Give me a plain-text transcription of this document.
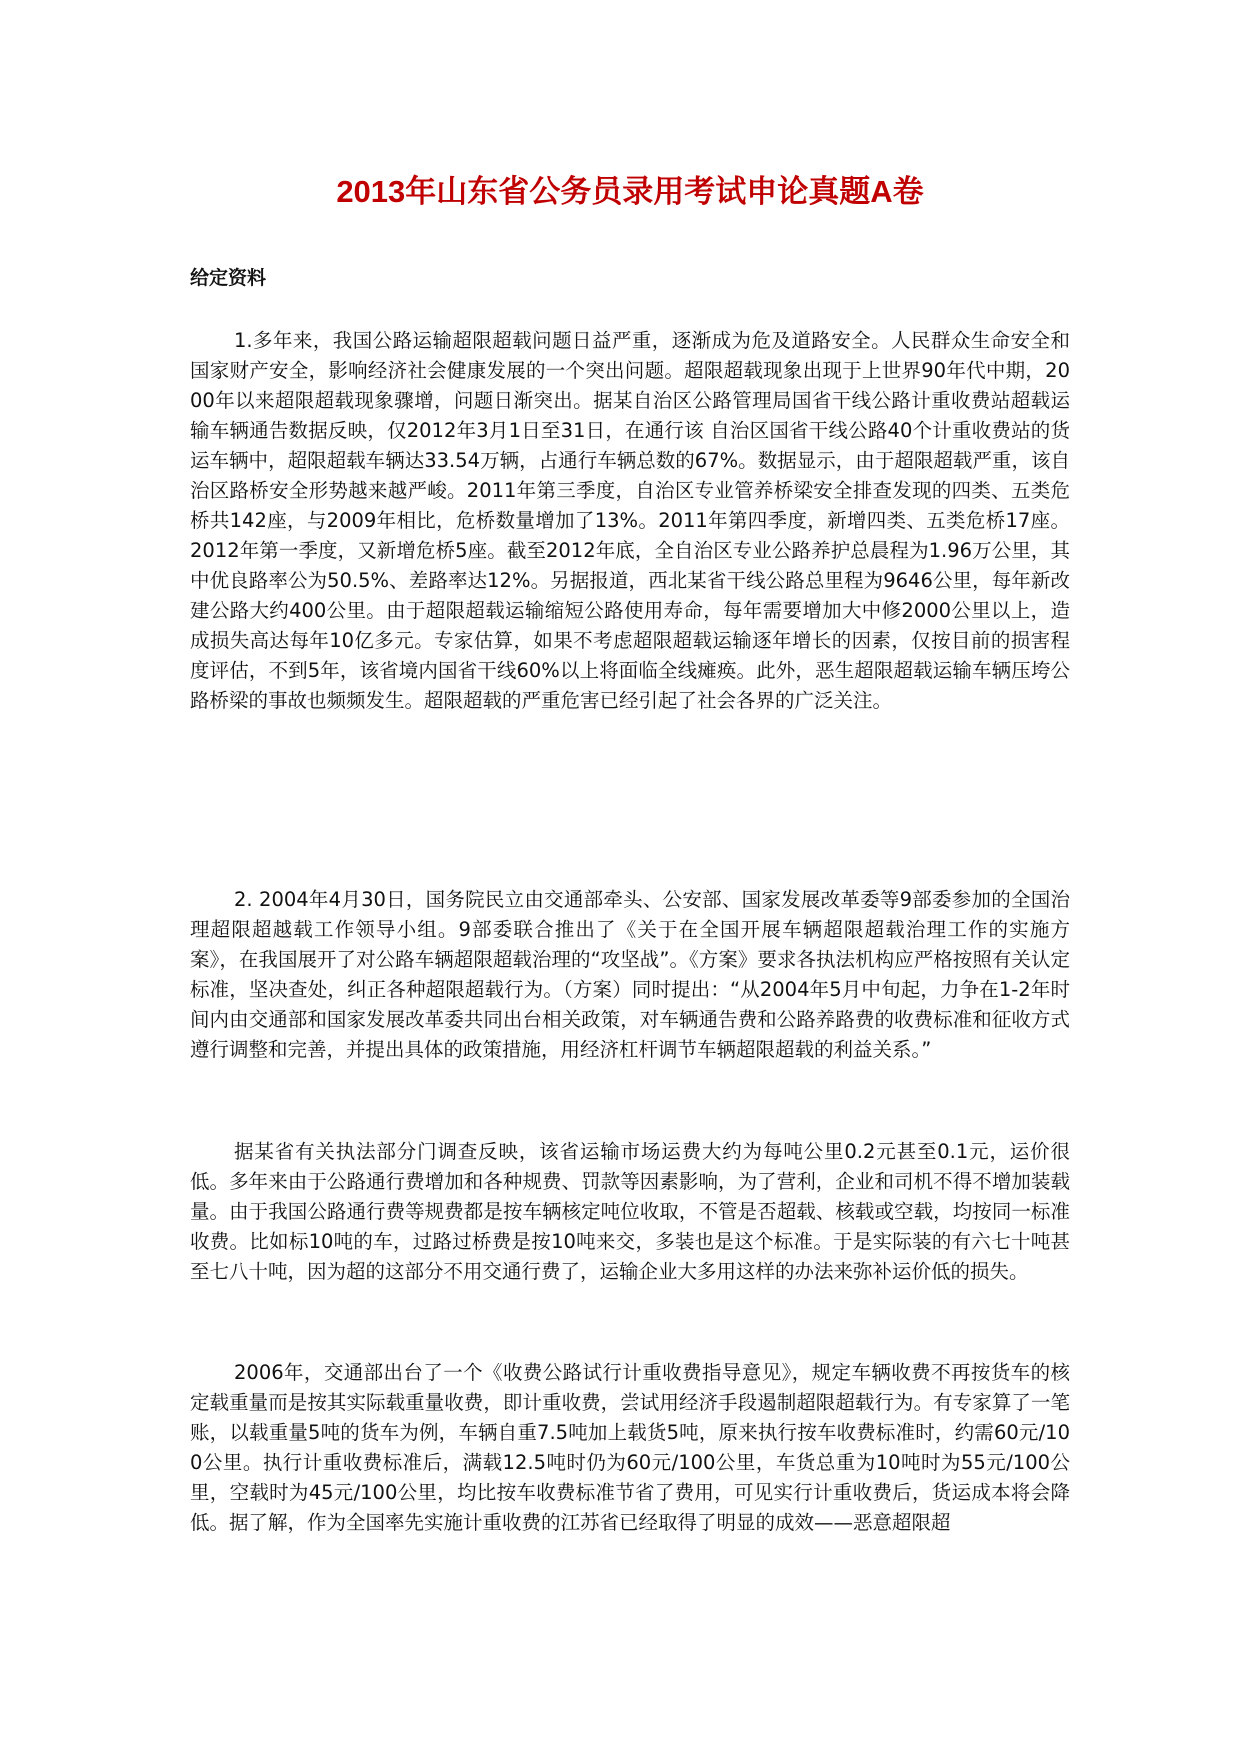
2013年山东省公务员录用考试申论真题A卷

给定资料

1.多年来，我国公路运输超限超载问题日益严重，逐渐成为危及道路安全。人民群众生命安全和国家财产安全，影响经济社会健康发展的一个突出问题。超限超载现象出现于上世界90年代中期，2000年以来超限超载现象骤增，问题日渐突出。据某自治区公路管理局国省干线公路计重收费站超载运输车辆通告数据反映，仅2012年3月1日至31日，在通行该 自治区国省干线公路40个计重收费站的货运车辆中，超限超载车辆达33.54万辆，占通行车辆总数的67%。数据显示，由于超限超载严重，该自治区路桥安全形势越来越严峻。2011年第三季度，自治区专业管养桥梁安全排查发现的四类、五类危桥共142座，与2009年相比，危桥数量增加了13%。2011年第四季度，新增四类、五类危桥17座。2012年第一季度，又新增危桥5座。截至2012年底，全自治区专业公路养护总晨程为1.96万公里，其中优良路率公为50.5%、差路率达12%。另据报道，西北某省干线公路总里程为9646公里，每年新改建公路大约400公里。由于超限超载运输缩短公路使用寿命，每年需要增加大中修2000公里以上，造成损失高达每年10亿多元。专家估算，如果不考虑超限超载运输逐年增长的因素，仅按目前的损害程度评估，不到5年，该省境内国省干线60%以上将面临全线瘫痪。此外，恶生超限超载运输车辆压垮公路桥梁的事故也频频发生。超限超载的严重危害已经引起了社会各界的广泛关注。

2. 2004年4月30日，国务院民立由交通部牵头、公安部、国家发展改革委等9部委参加的全国治理超限超越载工作领导小组。9部委联合推出了《关于在全国开展车辆超限超载治理工作的实施方案》，在我国展开了对公路车辆超限超载治理的“攻坚战”。《方案》要求各执法机构应严格按照有关认定标准，坚决查处，纠正各种超限超载行为。（方案）同时提出：“从2004年5月中旬起，力争在1-2年时间内由交通部和国家发展改革委共同出台相关政策，对车辆通告费和公路养路费的收费标准和征收方式遵行调整和完善，并提出具体的政策措施，用经济杠杆调节车辆超限超载的利益关系。”

据某省有关执法部分门调查反映，该省运输市场运费大约为每吨公里0.2元甚至0.1元，运价很低。多年来由于公路通行费增加和各种规费、罚款等因素影响，为了营利，企业和司机不得不增加装载量。由于我国公路通行费等规费都是按车辆核定吨位收取，不管是否超载、核载或空载，均按同一标准收费。比如标10吨的车，过路过桥费是按10吨来交，多装也是这个标准。于是实际装的有六七十吨甚至七八十吨，因为超的这部分不用交通行费了，运输企业大多用这样的办法来弥补运价低的损失。

2006年，交通部出台了一个《收费公路试行计重收费指导意见》，规定车辆收费不再按货车的核定载重量而是按其实际载重量收费，即计重收费，尝试用经济手段遏制超限超载行为。有专家算了一笔账，以载重量5吨的货车为例，车辆自重7.5吨加上载货5吨，原来执行按车收费标准时，约需60元/100公里。执行计重收费标准后，满载12.5吨时仍为60元/100公里，车货总重为10吨时为55元/100公里，空载时为45元/100公里，均比按车收费标准节省了费用，可见实行计重收费后，货运成本将会降低。据了解，作为全国率先实施计重收费的江苏省已经取得了明显的成效——恶意超限超
